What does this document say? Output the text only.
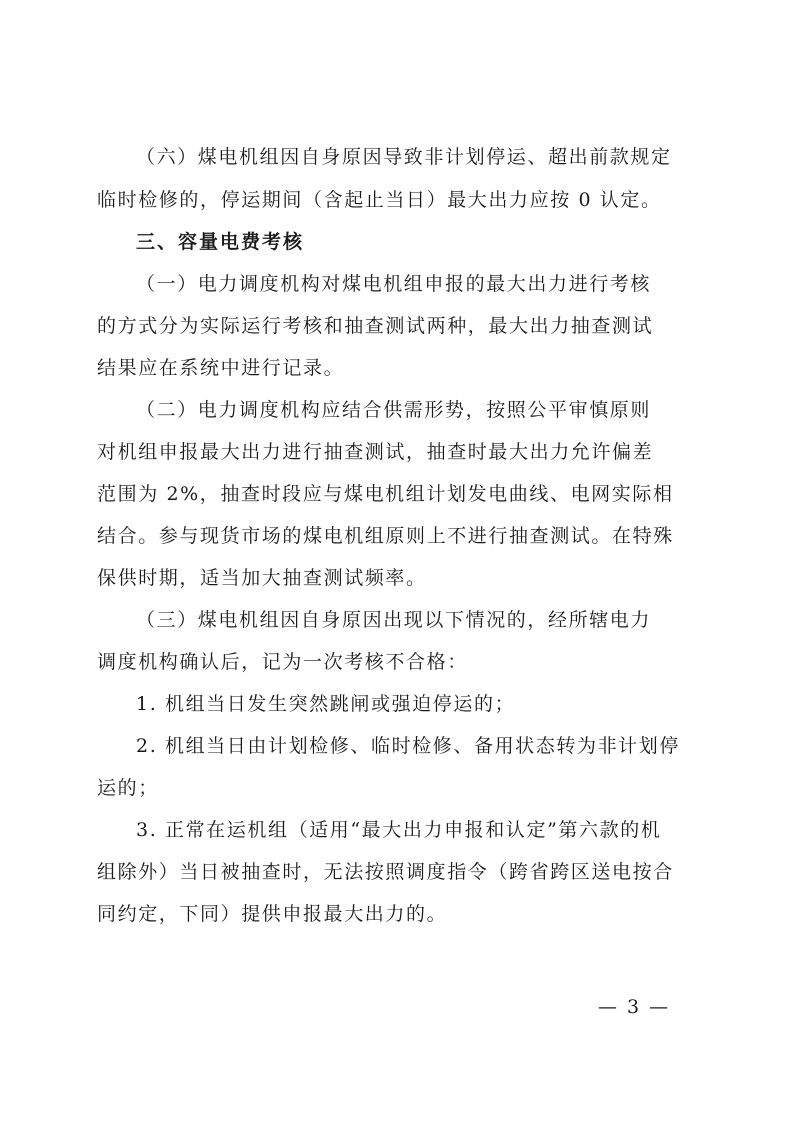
（六）煤电机组因自身原因导致非计划停运、超出前款规定
临时检修的，停运期间（含起止当日）最大出力应按 0 认定。
三、容量电费考核
（一）电力调度机构对煤电机组申报的最大出力进行考核
的方式分为实际运行考核和抽查测试两种，最大出力抽查测试
结果应在系统中进行记录。
（二）电力调度机构应结合供需形势，按照公平审慎原则
对机组申报最大出力进行抽查测试，抽查时最大出力允许偏差
范围为 2%，抽查时段应与煤电机组计划发电曲线、电网实际相
结合。参与现货市场的煤电机组原则上不进行抽查测试。在特殊
保供时期，适当加大抽查测试频率。
（三）煤电机组因自身原因出现以下情况的，经所辖电力
调度机构确认后，记为一次考核不合格：
1. 机组当日发生突然跳闸或强迫停运的；
2. 机组当日由计划检修、临时检修、备用状态转为非计划停
运的；
3. 正常在运机组（适用“最大出力申报和认定”第六款的机
组除外）当日被抽查时，无法按照调度指令（跨省跨区送电按合
同约定，下同）提供申报最大出力的。
— 3 —
